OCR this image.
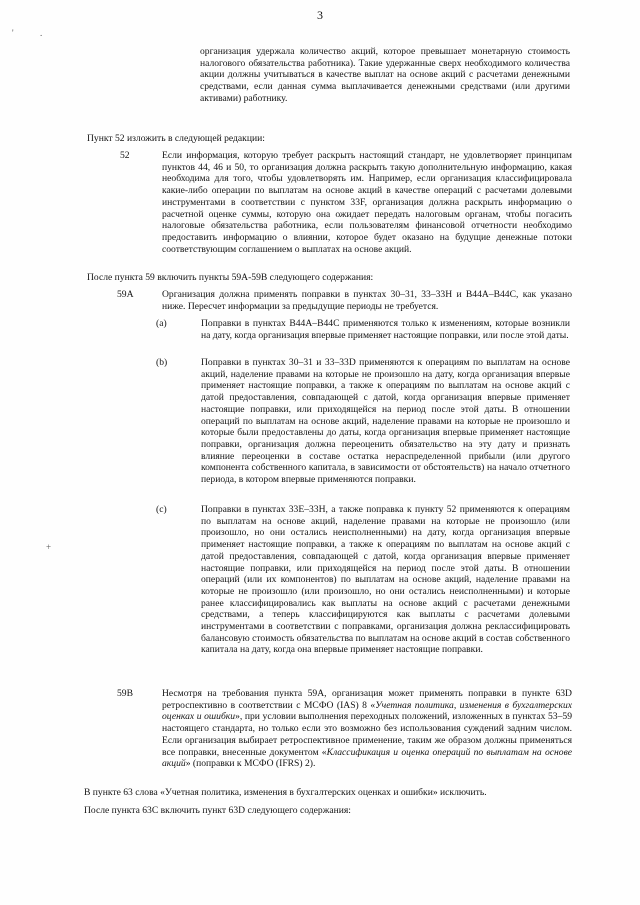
'	.
+
3

организация удержала количество акций, которое превышает монетарную стоимость налогового обязательства работника). Такие удержанные сверх необходимого количества акции должны учитываться в качестве выплат на основе акций с расчетами денежными средствами, если данная сумма выплачивается денежными средствами (или другими активами) работнику.

Пункт 52 изложить в следующей редакции:
52	Если информация, которую требует раскрыть настоящий стандарт, не удовлетворяет принципам пунктов 44, 46 и 50, то организация должна раскрыть такую дополнительную информацию, какая необходима для того, чтобы удовлетворять им. Например, если организация классифицировала какие-либо операции по выплатам на основе акций в качестве операций с расчетами долевыми инструментами в соответствии с пунктом 33F, организация должна раскрыть информацию о расчетной оценке суммы, которую она ожидает передать налоговым органам, чтобы погасить налоговые обязательства работника, если пользователям финансовой отчетности необходимо предоставить информацию о влиянии, которое будет оказано на будущие денежные потоки соответствующим соглашением о выплатах на основе акций.

После пункта 59 включить пункты 59А-59В следующего содержания:
59A	Организация должна применять поправки в пунктах 30–31, 33–33Н и В44А–В44С, как указано ниже. Пересчет информации за предыдущие периоды не требуется.

(a)	Поправки в пунктах В44А–В44С применяются только к изменениям, которые возникли на дату, когда организация впервые применяет настоящие поправки, или после этой даты.

(b)	Поправки в пунктах 30–31 и 33–33D применяются к операциям по выплатам на основе акций, наделение правами на которые не произошло на дату, когда организация впервые применяет настоящие поправки, а также к операциям по выплатам на основе акций с датой предоставления, совпадающей с датой, когда организация впервые применяет настоящие поправки, или приходящейся на период после этой даты. В отношении операций по выплатам на основе акций, наделение правами на которые не произошло и которые были предоставлены до даты, когда организация впервые применяет настоящие поправки, организация должна переоценить обязательство на эту дату и признать влияние переоценки в составе остатка нераспределенной прибыли (или другого компонента собственного капитала, в зависимости от обстоятельств) на начало отчетного периода, в котором впервые применяются поправки.

(c)	Поправки в пунктах 33Е–33Н, а также поправка к пункту 52 применяются к операциям по выплатам на основе акций, наделение правами на которые не произошло (или произошло, но они остались неисполненными) на дату, когда организация впервые применяет настоящие поправки, а также к операциям по выплатам на основе акций с датой предоставления, совпадающей с датой, когда организация впервые применяет настоящие поправки, или приходящейся на период после этой даты. В отношении операций (или их компонентов) по выплатам на основе акций, наделение правами на которые не произошло (или произошло, но они остались неисполненными) и которые ранее классифицировались как выплаты на основе акций с расчетами денежными средствами, а теперь классифицируются как выплаты с расчетами долевыми инструментами в соответствии с поправками, организация должна реклассифицировать балансовую стоимость обязательства по выплатам на основе акций в состав собственного капитала на дату, когда она впервые применяет настоящие поправки.

59B	Несмотря на требования пункта 59А, организация может применять поправки в пункте 63D ретроспективно в соответствии с МСФО (IAS) 8 «Учетная политика, изменения в бухгалтерских оценках и ошибки», при условии выполнения переходных положений, изложенных в пунктах 53–59 настоящего стандарта, но только если это возможно без использования суждений задним числом. Если организация выбирает ретроспективное применение, таким же образом должны применяться все поправки, внесенные документом «Классификация и оценка операций по выплатам на основе акций» (поправки к МСФО (IFRS) 2).

В пункте 63 слова «Учетная политика, изменения в бухгалтерских оценках и ошибки» исключить.
После пункта 63С включить пункт 63D следующего содержания:
